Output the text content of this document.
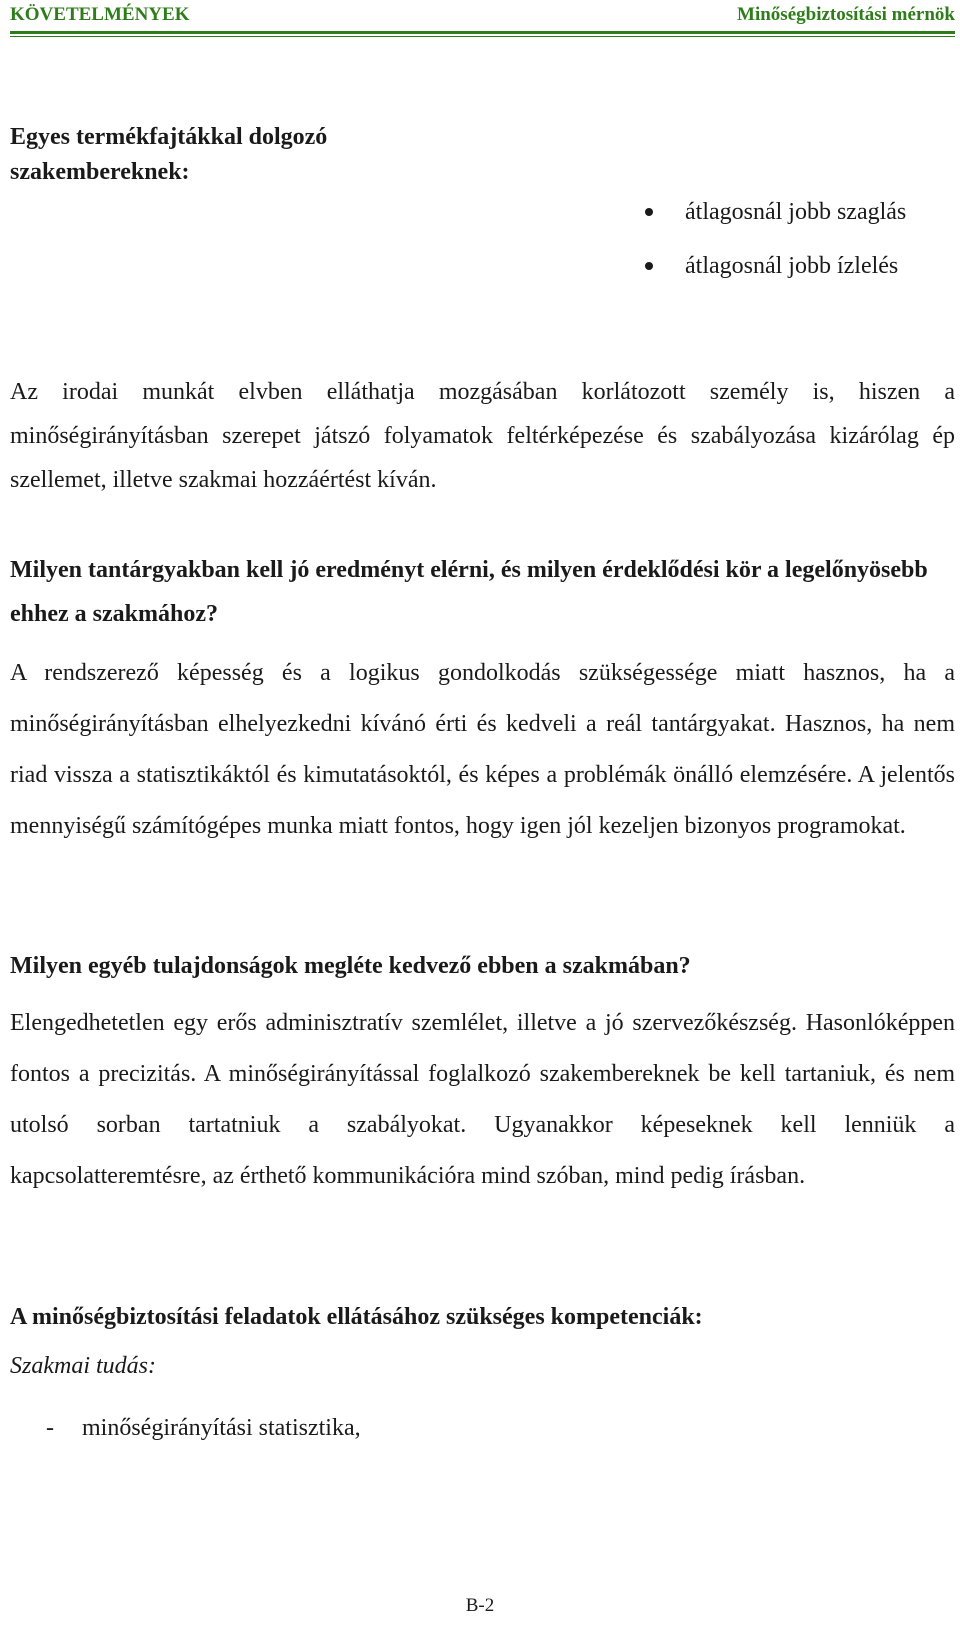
KÖVETELMÉNYEK	Minőségbiztosítási mérnök
Egyes termékfajtákkal dolgozó szakembereknek:
átlagosnál jobb szaglás
átlagosnál jobb ízlelés
Az irodai munkát elvben elláthatja mozgásában korlátozott személy is, hiszen a minőségirányításban szerepet játszó folyamatok feltérképezése és szabályozása kizárólag ép szellemet, illetve szakmai hozzáértést kíván.
Milyen tantárgyakban kell jó eredményt elérni, és milyen érdeklődési kör a legelőnyösebb ehhez a szakmához?
A rendszerező képesség és a logikus gondolkodás szükségessége miatt hasznos, ha a minőségirányításban elhelyezkedni kívánó érti és kedveli a reál tantárgyakat. Hasznos, ha nem riad vissza a statisztikáktól és kimutatásoktól, és képes a problémák önálló elemzésére. A jelentős mennyiségű számítógépes munka miatt fontos, hogy igen jól kezeljen bizonyos programokat.
Milyen egyéb tulajdonságok megléte kedvező ebben a szakmában?
Elengedhetetlen egy erős adminisztratív szemlélet, illetve a jó szervezőkészség. Hasonlóképpen fontos a precizitás. A minőségirányítással foglalkozó szakembereknek be kell tartaniuk, és nem utolsó sorban tartatniuk a szabályokat. Ugyanakkor képeseknek kell lenniük a kapcsolatteremtésre, az érthető kommunikációra mind szóban, mind pedig írásban.
A minőségbiztosítási feladatok ellátásához szükséges kompetenciák:
Szakmai tudás:
- minőségirányítási statisztika,
B-2
